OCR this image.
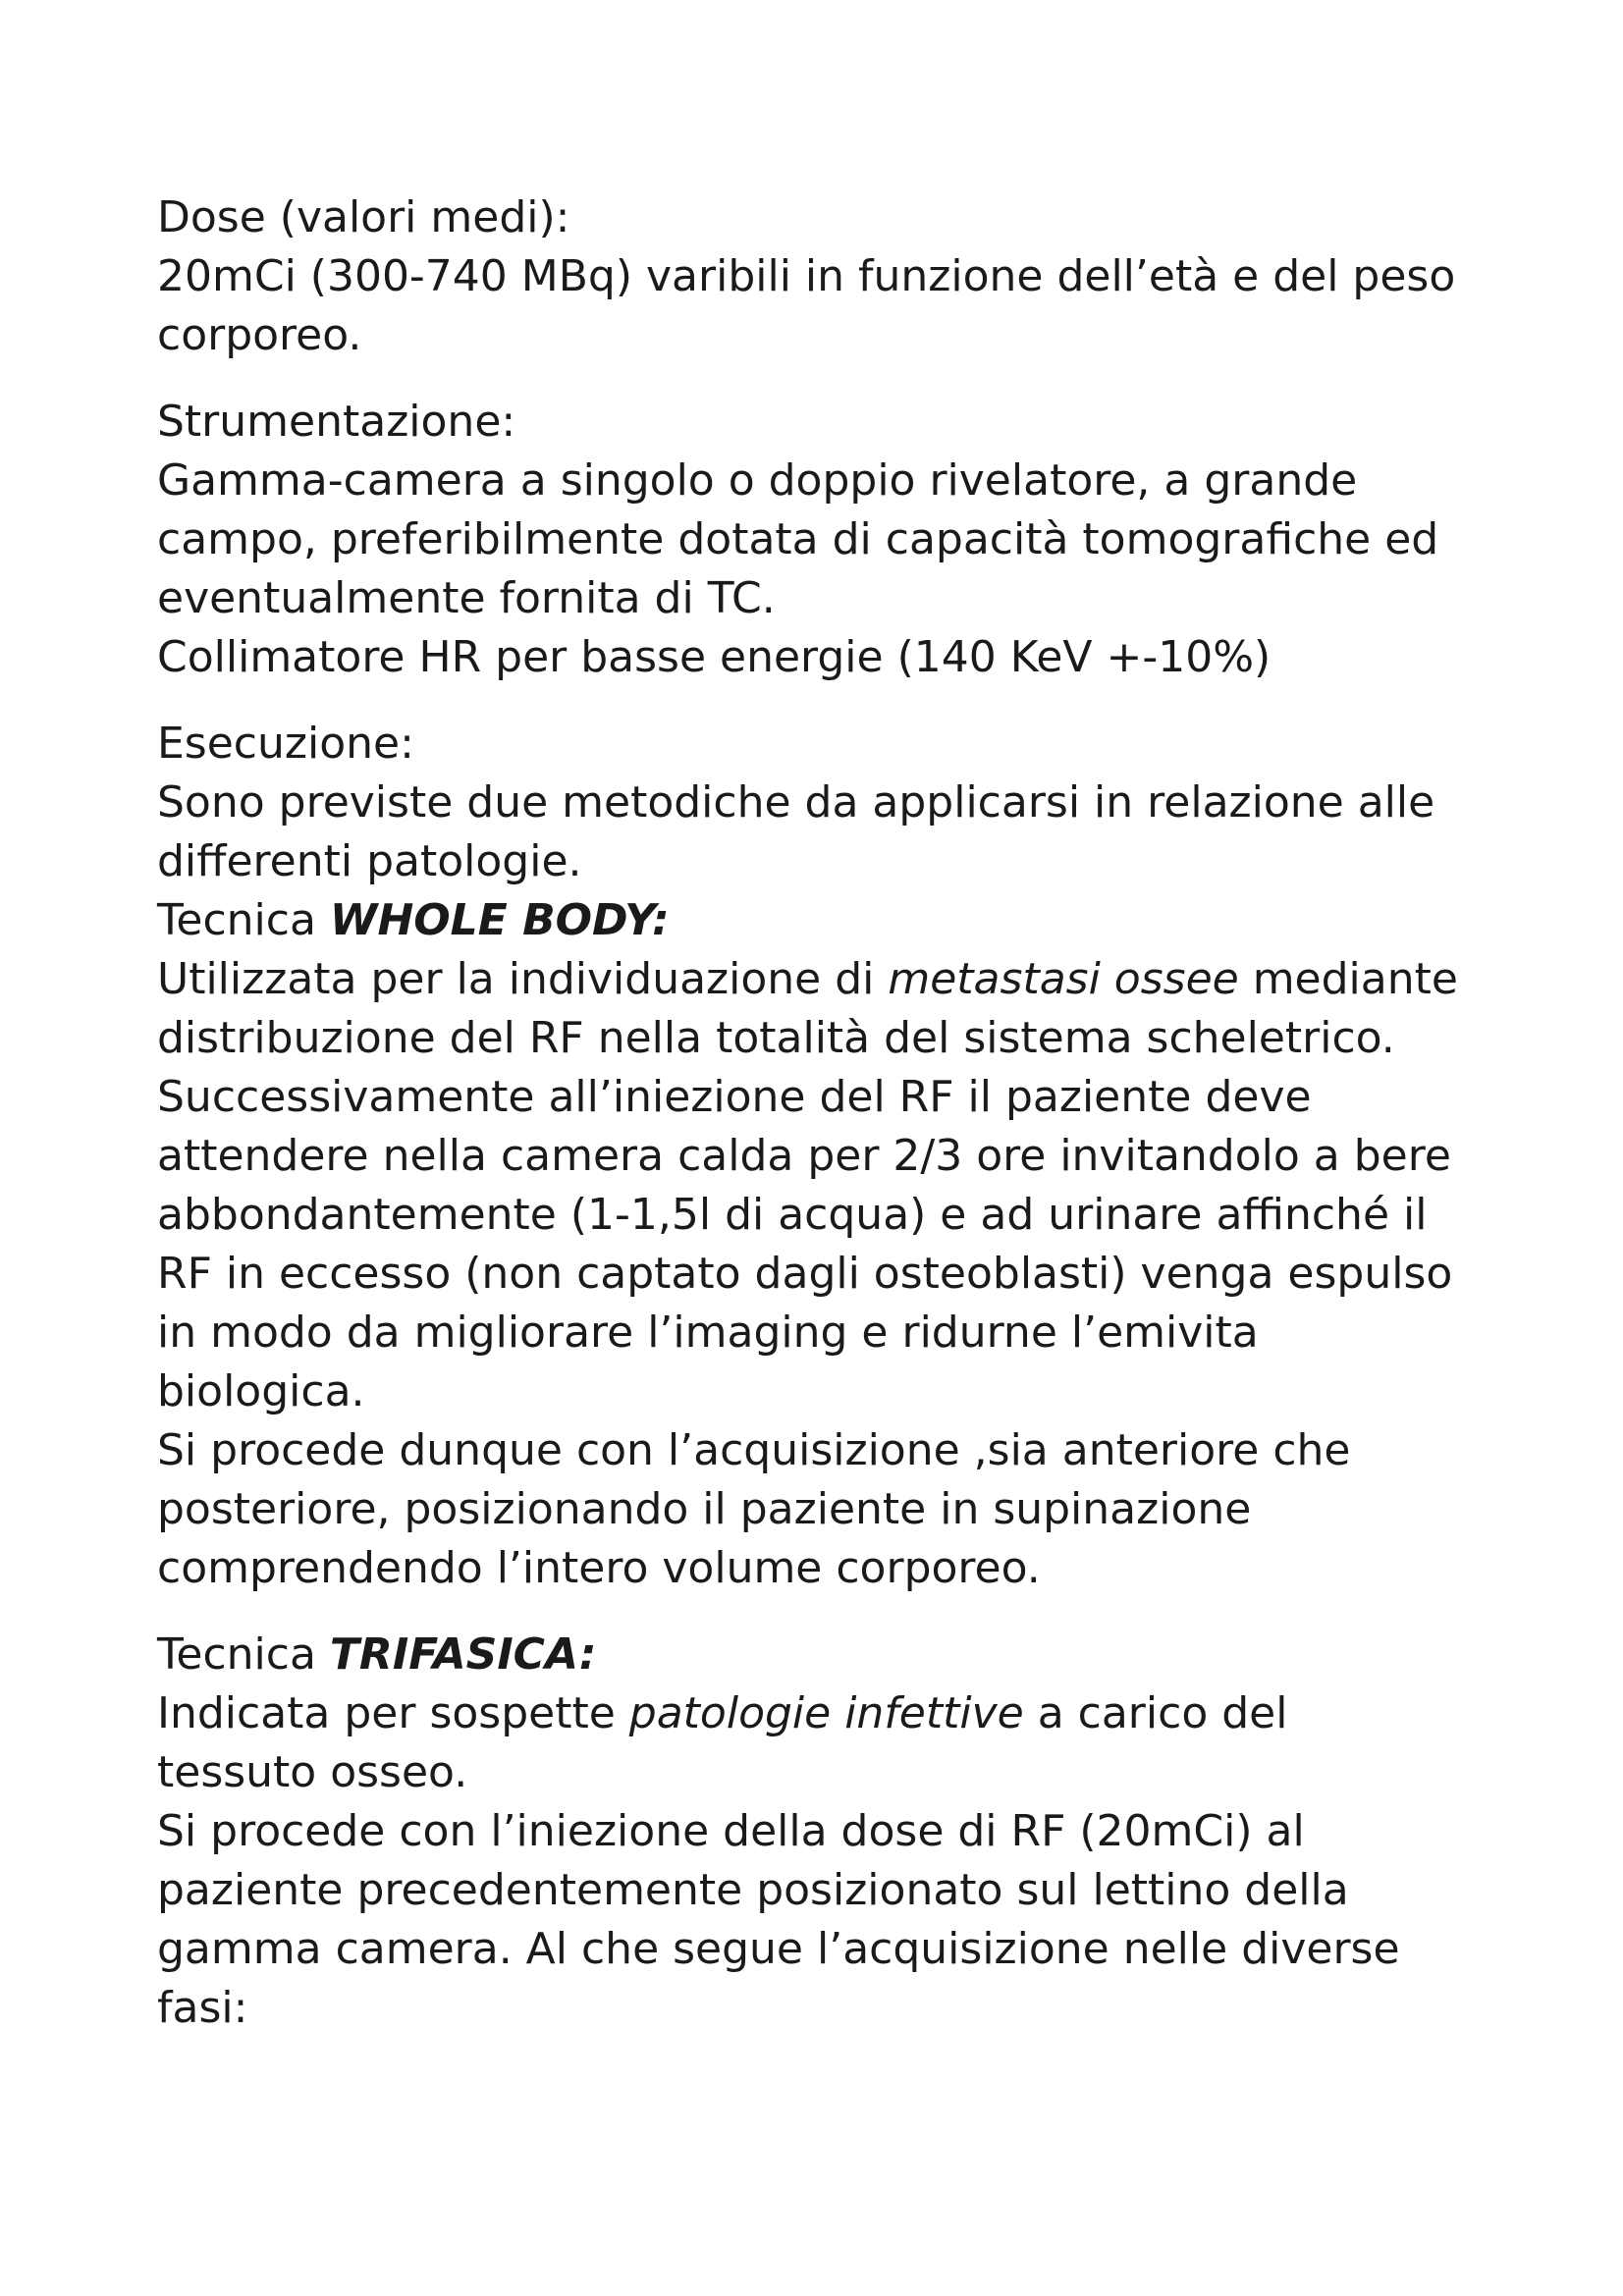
Dose (valori medi):
20mCi (300-740 MBq) varibili in funzione dell’età e del peso
corporeo.
Strumentazione:
Gamma-camera a singolo o doppio rivelatore, a grande
campo, preferibilmente dotata di capacità tomografiche ed
eventualmente fornita di TC.
Collimatore HR per basse energie (140 KeV +-10%)
Esecuzione:
Sono previste due metodiche da applicarsi in relazione alle
differenti patologie.
Tecnica WHOLE BODY:
Utilizzata per la individuazione di metastasi ossee mediante
distribuzione del RF nella totalità del sistema scheletrico.
Successivamente all’iniezione del RF il paziente deve
attendere nella camera calda per 2/3 ore invitandolo a bere
abbondantemente (1-1,5l di acqua) e ad urinare affinché il
RF in eccesso (non captato dagli osteoblasti) venga espulso
in modo da migliorare l’imaging e ridurne l’emivita
biologica.
Si procede dunque con l’acquisizione ,sia anteriore che
posteriore, posizionando il paziente in supinazione
comprendendo l’intero volume corporeo.
Tecnica TRIFASICA:
Indicata per sospette patologie infettive a carico del
tessuto osseo.
Si procede con l’iniezione della dose di RF (20mCi) al
paziente precedentemente posizionato sul lettino della
gamma camera. Al che segue l’acquisizione nelle diverse
fasi:
